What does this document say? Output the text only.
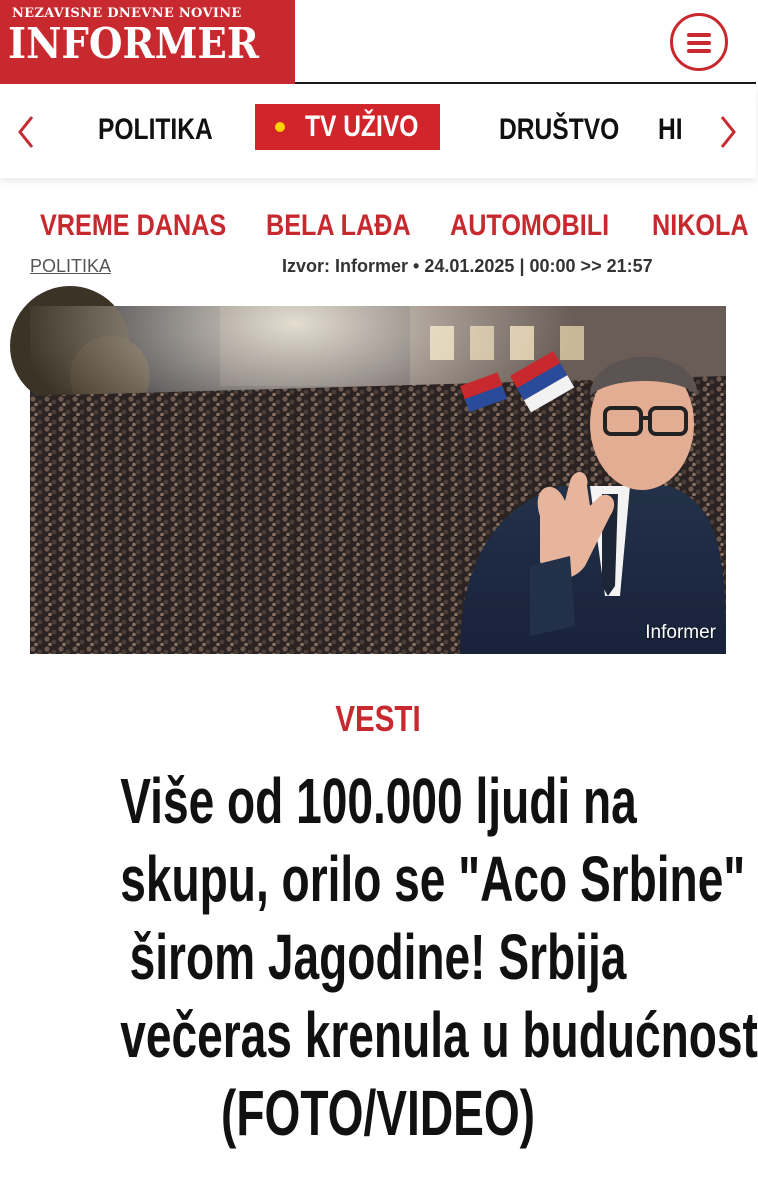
NEZAVISNE DNEVNE NOVINE
INFORMER
POLITIKA	TV UŽIVO	DRUŠTVO HI
VREME DANAS BELA LAĐA AUTOMOBILI NIKOLA
POLITIKA	Izvor: Informer • 24.01.2025 | 00:00 >> 21:57
Informer
VESTI
Više od 100.000 ljudi na
skupu, orilo se "Aco Srbine"
širom Jagodine! Srbija
večeras krenula u budućnost
(FOTO/VIDEO)
